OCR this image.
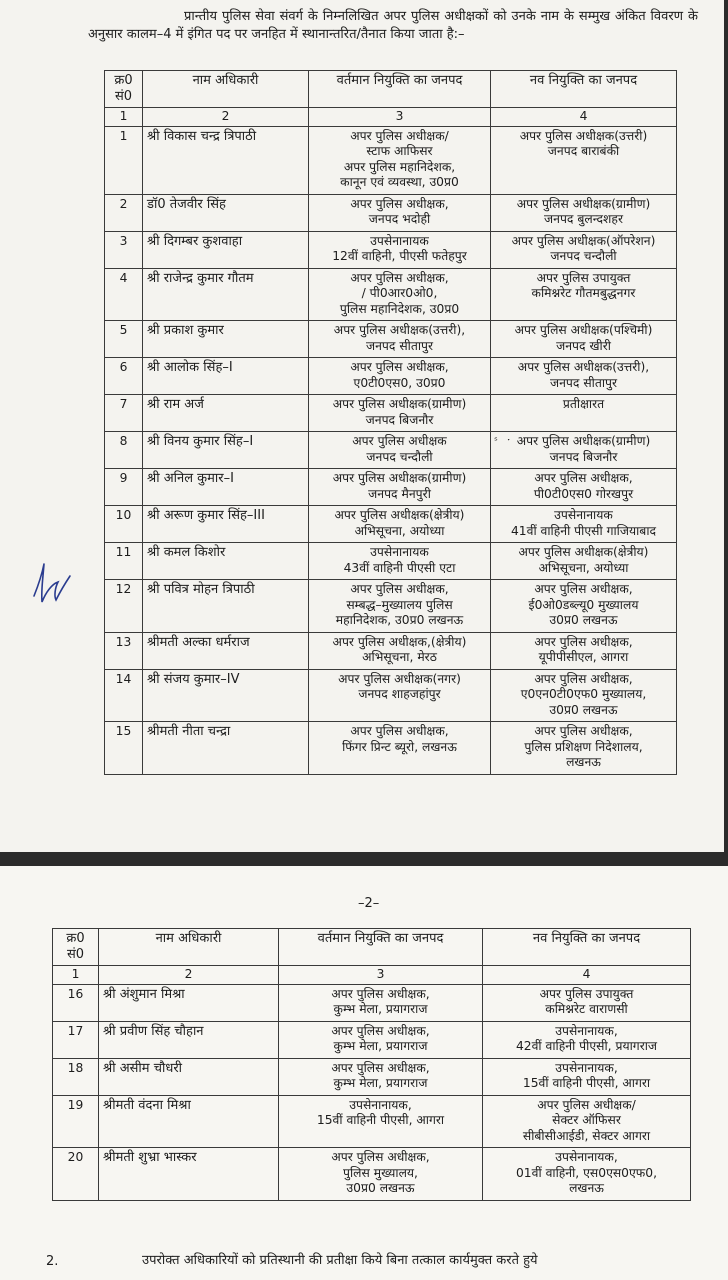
प्रान्तीय पुलिस सेवा संवर्ग के निम्नलिखित अपर पुलिस अधीक्षकों को उनके नाम के सम्मुख अंकित विवरण के अनुसार कालम–4 में इंगित पद पर जनहित में स्थानान्तरित/तैनात किया जाता है:–
क्र0 सं0	नाम अधिकारी	वर्तमान नियुक्ति का जनपद	नव नियुक्ति का जनपद
1	2	3	4
1	श्री विकास चन्द्र त्रिपाठी	अपर पुलिस अधीक्षक/
स्टाफ आफिसर
अपर पुलिस महानिदेशक,
कानून एवं व्यवस्था, उ0प्र0	अपर पुलिस अधीक्षक(उत्तरी)
जनपद बाराबंकी
2	डॉ0 तेजवीर सिंह	अपर पुलिस अधीक्षक,
जनपद भदोही	अपर पुलिस अधीक्षक(ग्रामीण)
जनपद बुलन्दशहर
3	श्री दिगम्बर कुशवाहा	उपसेनानायक
12वीं वाहिनी, पीएसी फतेहपुर	अपर पुलिस अधीक्षक(ऑपरेशन)
जनपद चन्दौली
4	श्री राजेन्द्र कुमार गौतम	अपर पुलिस अधीक्षक,
/ पी0आर0ओ0,
पुलिस महानिदेशक, उ0प्र0	अपर पुलिस उपायुक्त
कमिश्नरेट गौतमबुद्धनगर
5	श्री प्रकाश कुमार	अपर पुलिस अधीक्षक(उत्तरी),
जनपद सीतापुर	अपर पुलिस अधीक्षक(पश्चिमी)
जनपद खीरी
6	श्री आलोक सिंह–I	अपर पुलिस अधीक्षक,
ए0टी0एस0, उ0प्र0	अपर पुलिस अधीक्षक(उत्तरी),
जनपद सीतापुर
7	श्री राम अर्ज	अपर पुलिस अधीक्षक(ग्रामीण)
जनपद बिजनौर	प्रतीक्षारत
8	श्री विनय कुमार सिंह–I	अपर पुलिस अधीक्षक
जनपद चन्दौली	अपर पुलिस अधीक्षक(ग्रामीण)
जनपद बिजनौर
9	श्री अनिल कुमार–I	अपर पुलिस अधीक्षक(ग्रामीण)
जनपद मैनपुरी	अपर पुलिस अधीक्षक,
पी0टी0एस0 गोरखपुर
10	श्री अरूण कुमार सिंह–III	अपर पुलिस अधीक्षक(क्षेत्रीय)
अभिसूचना, अयोध्या	उपसेनानायक
41वीं वाहिनी पीएसी गाजियाबाद
11	श्री कमल किशोर	उपसेनानायक
43वीं वाहिनी पीएसी एटा	अपर पुलिस अधीक्षक(क्षेत्रीय)
अभिसूचना, अयोध्या
12	श्री पवित्र मोहन त्रिपाठी	अपर पुलिस अधीक्षक,
सम्बद्ध–मुख्यालय पुलिस
महानिदेशक, उ0प्र0 लखनऊ	अपर पुलिस अधीक्षक,
ई0ओ0डब्ल्यू0 मुख्यालय
उ0प्र0 लखनऊ
13	श्रीमती अल्का धर्मराज	अपर पुलिस अधीक्षक,(क्षेत्रीय)
अभिसूचना, मेरठ	अपर पुलिस अधीक्षक,
यूपीपीसीएल, आगरा
14	श्री संजय कुमार–IV	अपर पुलिस अधीक्षक(नगर)
जनपद शाहजहांपुर	अपर पुलिस अधीक्षक,
ए0एन0टी0एफ0 मुख्यालय,
उ0प्र0 लखनऊ
15	श्रीमती नीता चन्द्रा	अपर पुलिस अधीक्षक,
फिंगर प्रिन्ट ब्यूरो, लखनऊ	अपर पुलिस अधीक्षक,
पुलिस प्रशिक्षण निदेशालय,
लखनऊ
ˢ   ˑ
–2–
क्र0 सं0	नाम अधिकारी	वर्तमान नियुक्ति का जनपद	नव नियुक्ति का जनपद
1	2	3	4
16	श्री अंशुमान मिश्रा	अपर पुलिस अधीक्षक,
कुम्भ मेला, प्रयागराज	अपर पुलिस उपायुक्त
कमिश्नरेट वाराणसी
17	श्री प्रवीण सिंह चौहान	अपर पुलिस अधीक्षक,
कुम्भ मेला, प्रयागराज	उपसेनानायक,
42वीं वाहिनी पीएसी, प्रयागराज
18	श्री असीम चौधरी	अपर पुलिस अधीक्षक,
कुम्भ मेला, प्रयागराज	उपसेनानायक,
15वीं वाहिनी पीएसी, आगरा
19	श्रीमती वंदना मिश्रा	उपसेनानायक,
15वीं वाहिनी पीएसी, आगरा	अपर पुलिस अधीक्षक/
सेक्टर ऑफिसर
सीबीसीआईडी, सेक्टर आगरा
20	श्रीमती शुभ्रा भास्कर	अपर पुलिस अधीक्षक,
पुलिस मुख्यालय,
उ0प्र0 लखनऊ	उपसेनानायक,
01वीं वाहिनी, एस0एस0एफ0,
लखनऊ
2.	उपरोक्त अधिकारियों को प्रतिस्थानी की प्रतीक्षा किये बिना तत्काल कार्यमुक्त करते हुये
